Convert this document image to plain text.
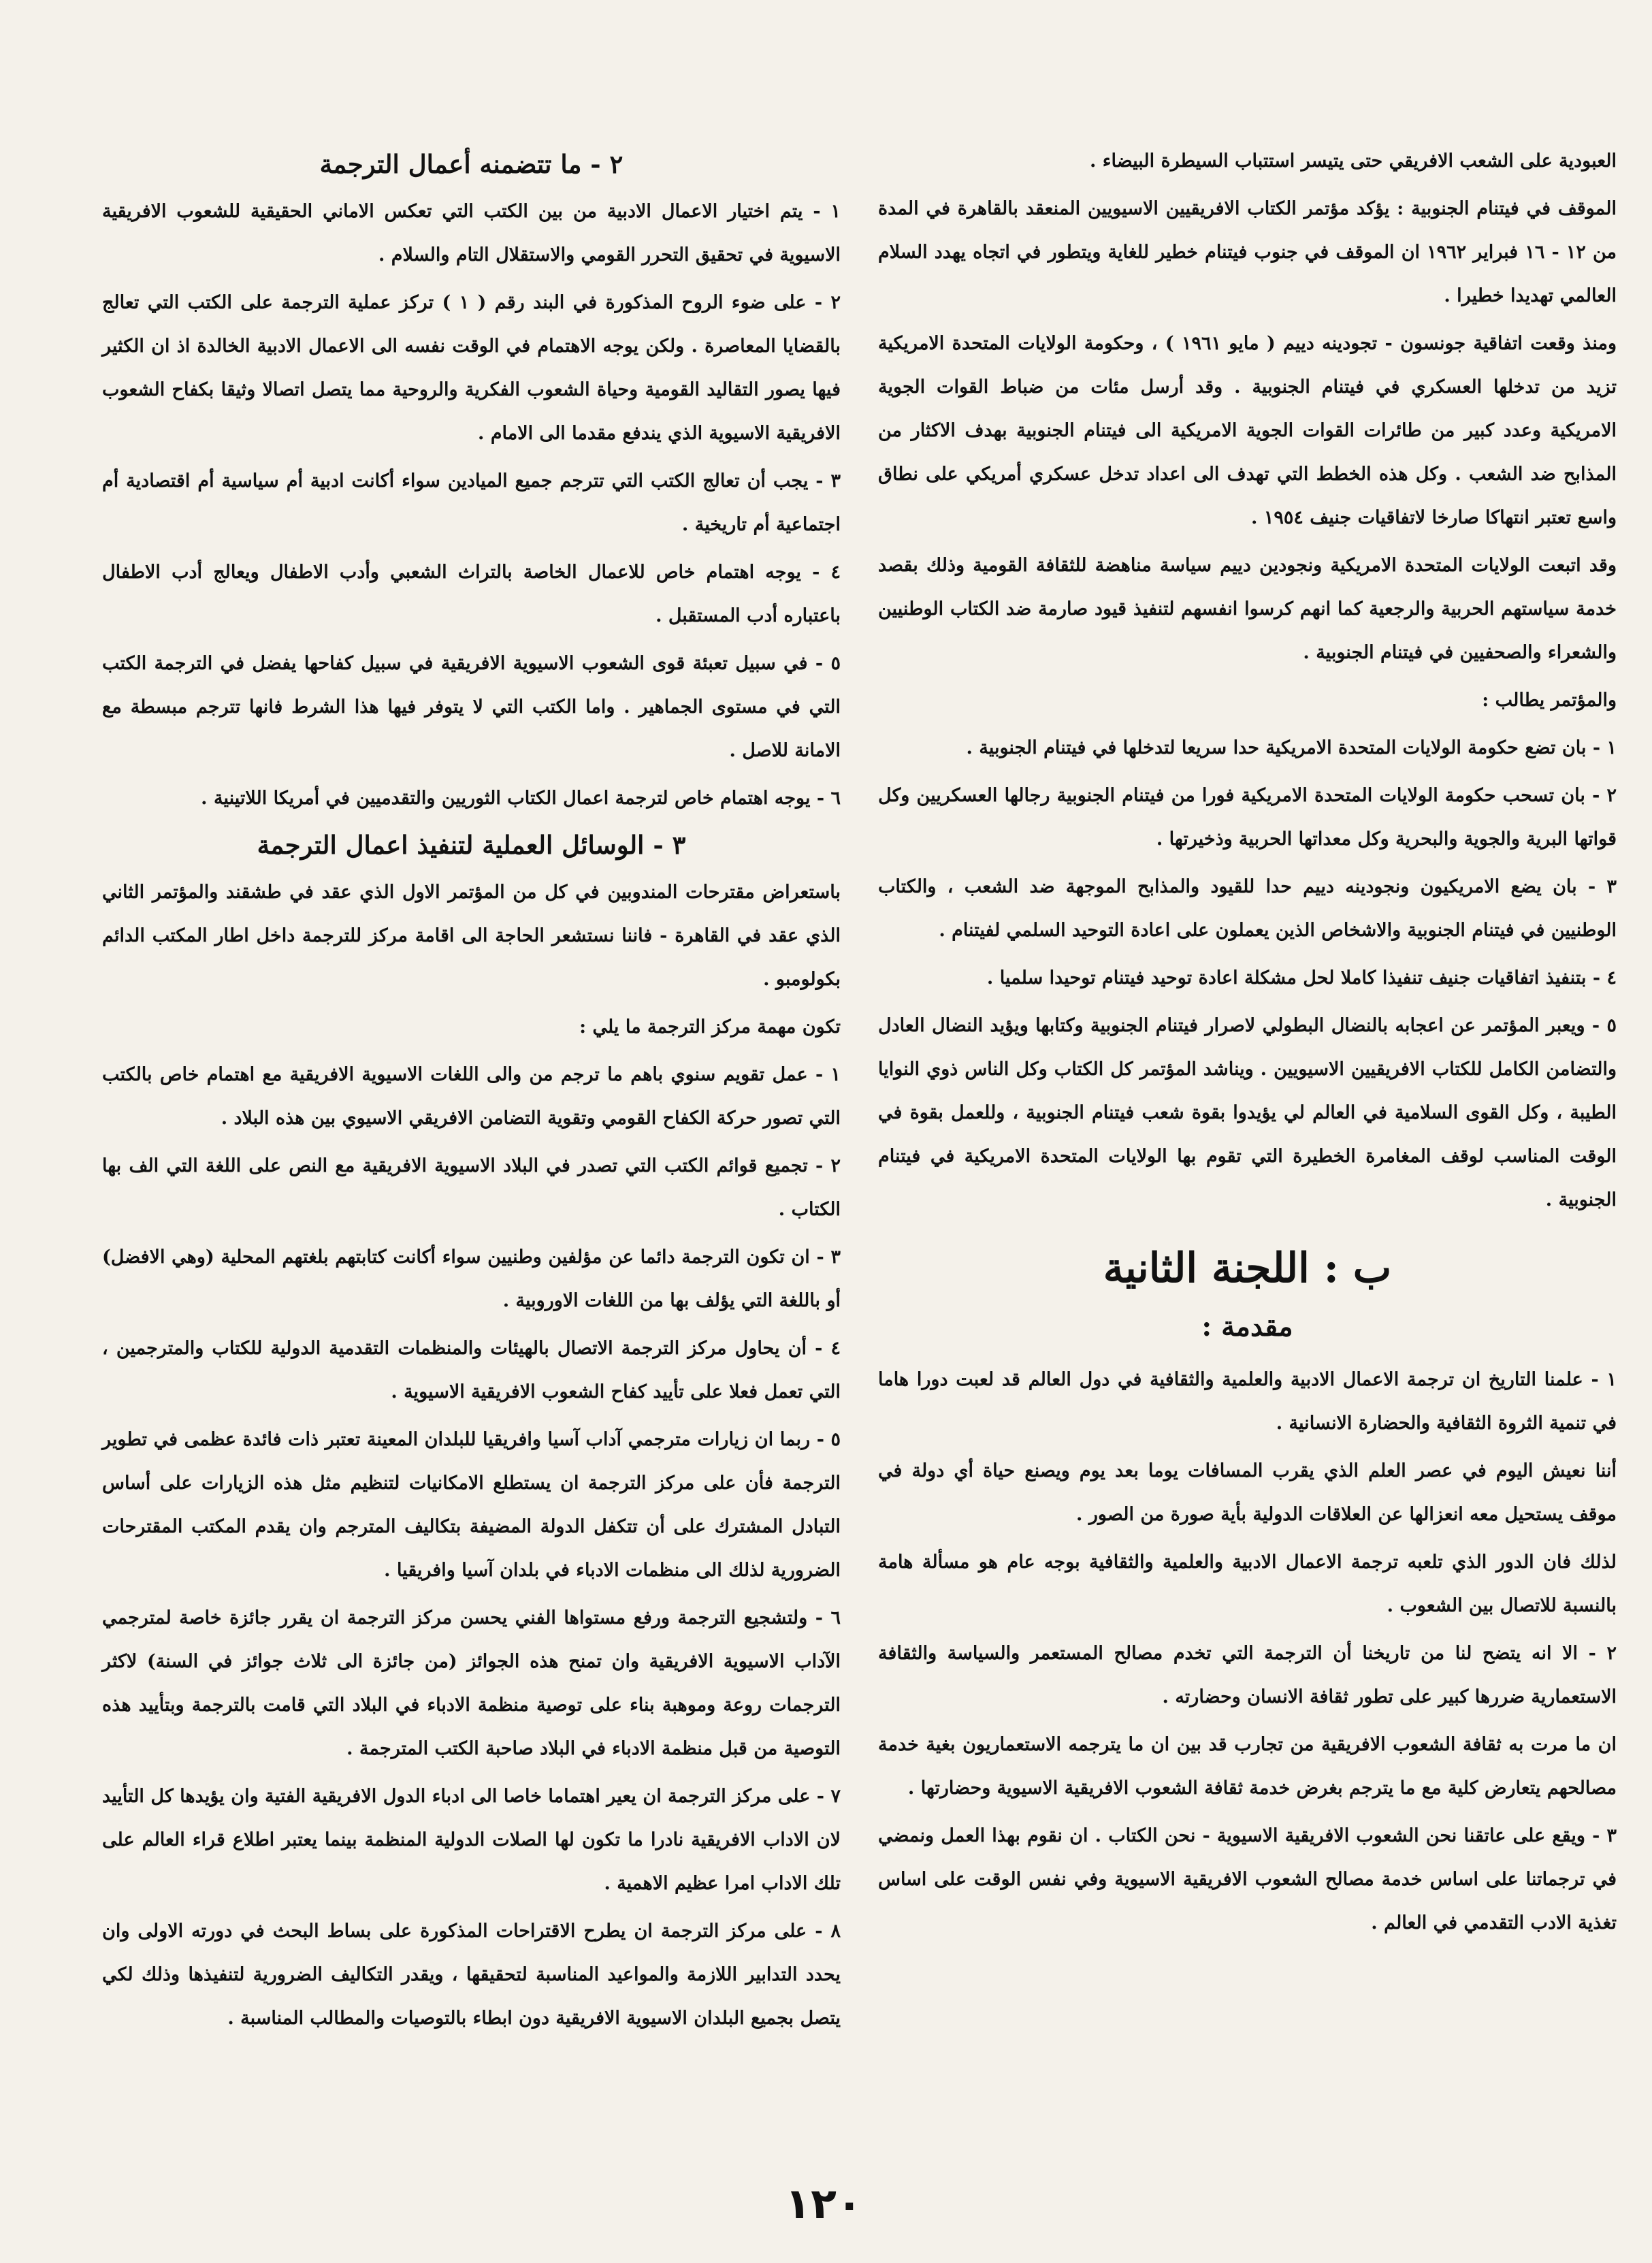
العبودية على الشعب الافريقي حتى يتيسر استتباب السيطرة البيضاء .

الموقف في فيتنام الجنوبية : يؤكد مؤتمر الكتاب الافريقيين الاسيويين المنعقد بالقاهرة في المدة من ١٢ - ١٦ فبراير ١٩٦٢ ان الموقف في جنوب فيتنام خطير للغاية ويتطور في اتجاه يهدد السلام العالمي تهديدا خطيرا .

ومنذ وقعت اتفاقية جونسون - تجودينه دييم ( مايو ١٩٦١ ) ، وحكومة الولايات المتحدة الامريكية تزيد من تدخلها العسكري في فيتنام الجنوبية . وقد أرسل مئات من ضباط القوات الجوية الامريكية وعدد كبير من طائرات القوات الجوية الامريكية الى فيتنام الجنوبية بهدف الاكثار من المذابح ضد الشعب . وكل هذه الخطط التي تهدف الى اعداد تدخل عسكري أمريكي على نطاق واسع تعتبر انتهاكا صارخا لاتفاقيات جنيف ١٩٥٤ .

وقد اتبعت الولايات المتحدة الامريكية ونجودين دييم سياسة مناهضة للثقافة القومية وذلك بقصد خدمة سياستهم الحربية والرجعية كما انهم كرسوا انفسهم لتنفيذ قيود صارمة ضد الكتاب الوطنيين والشعراء والصحفيين في فيتنام الجنوبية .

والمؤتمر يطالب :

١ - بان تضع حكومة الولايات المتحدة الامريكية حدا سريعا لتدخلها في فيتنام الجنوبية .

٢ - بان تسحب حكومة الولايات المتحدة الامريكية فورا من فيتنام الجنوبية رجالها العسكريين وكل قواتها البرية والجوية والبحرية وكل معداتها الحربية وذخيرتها .

٣ - بان يضع الامريكيون ونجودينه دييم حدا للقيود والمذابح الموجهة ضد الشعب ، والكتاب الوطنيين في فيتنام الجنوبية والاشخاص الذين يعملون على اعادة التوحيد السلمي لفيتنام .

٤ - بتنفيذ اتفاقيات جنيف تنفيذا كاملا لحل مشكلة اعادة توحيد فيتنام توحيدا سلميا .

٥ - ويعبر المؤتمر عن اعجابه بالنضال البطولي لاصرار فيتنام الجنوبية وكتابها ويؤيد النضال العادل والتضامن الكامل للكتاب الافريقيين الاسيويين . ويناشد المؤتمر كل الكتاب وكل الناس ذوي النوايا الطيبة ، وكل القوى السلامية في العالم لي يؤيدوا بقوة شعب فيتنام الجنوبية ، وللعمل بقوة في الوقت المناسب لوقف المغامرة الخطيرة التي تقوم بها الولايات المتحدة الامريكية في فيتنام الجنوبية .

ب : اللجنة الثانية
مقدمة :

١ - علمنا التاريخ ان ترجمة الاعمال الادبية والعلمية والثقافية في دول العالم قد لعبت دورا هاما في تنمية الثروة الثقافية والحضارة الانسانية .

أننا نعيش اليوم في عصر العلم الذي يقرب المسافات يوما بعد يوم ويصنع حياة أي دولة في موقف يستحيل معه انعزالها عن العلاقات الدولية بأية صورة من الصور .

لذلك فان الدور الذي تلعبه ترجمة الاعمال الادبية والعلمية والثقافية بوجه عام هو مسألة هامة بالنسبة للاتصال بين الشعوب .

٢ - الا انه يتضح لنا من تاريخنا أن الترجمة التي تخدم مصالح المستعمر والسياسة والثقافة الاستعمارية ضررها كبير على تطور ثقافة الانسان وحضارته .

ان ما مرت به ثقافة الشعوب الافريقية من تجارب قد بين ان ما يترجمه الاستعماريون بغية خدمة مصالحهم يتعارض كلية مع ما يترجم بغرض خدمة ثقافة الشعوب الافريقية الاسيوية وحضارتها .

٣ - ويقع على عاتقنا نحن الشعوب الافريقية الاسيوية - نحن الكتاب . ان نقوم بهذا العمل ونمضي في ترجماتنا على اساس خدمة مصالح الشعوب الافريقية الاسيوية وفي نفس الوقت على اساس تغذية الادب التقدمي في العالم .

٢ - ما تتضمنه أعمال الترجمة

١ - يتم اختيار الاعمال الادبية من بين الكتب التي تعكس الاماني الحقيقية للشعوب الافريقية الاسيوية في تحقيق التحرر القومي والاستقلال التام والسلام .

٢ - على ضوء الروح المذكورة في البند رقم ( ١ ) تركز عملية الترجمة على الكتب التي تعالج بالقضايا المعاصرة . ولكن يوجه الاهتمام في الوقت نفسه الى الاعمال الادبية الخالدة اذ ان الكثير فيها يصور التقاليد القومية وحياة الشعوب الفكرية والروحية مما يتصل اتصالا وثيقا بكفاح الشعوب الافريقية الاسيوية الذي يندفع مقدما الى الامام .

٣ - يجب أن تعالج الكتب التي تترجم جميع الميادين سواء أكانت ادبية أم سياسية أم اقتصادية أم اجتماعية أم تاريخية .

٤ - يوجه اهتمام خاص للاعمال الخاصة بالتراث الشعبي وأدب الاطفال ويعالج أدب الاطفال باعتباره أدب المستقبل .

٥ - في سبيل تعبئة قوى الشعوب الاسيوية الافريقية في سبيل كفاحها يفضل في الترجمة الكتب التي في مستوى الجماهير . واما الكتب التي لا يتوفر فيها هذا الشرط فانها تترجم مبسطة مع الامانة للاصل .

٦ - يوجه اهتمام خاص لترجمة اعمال الكتاب الثوريين والتقدميين في أمريكا اللاتينية .

٣ - الوسائل العملية لتنفيذ اعمال الترجمة

باستعراض مقترحات المندوبين في كل من المؤتمر الاول الذي عقد في طشقند والمؤتمر الثاني الذي عقد في القاهرة - فاننا نستشعر الحاجة الى اقامة مركز للترجمة داخل اطار المكتب الدائم بكولومبو .

تكون مهمة مركز الترجمة ما يلي :

١ - عمل تقويم سنوي باهم ما ترجم من والى اللغات الاسيوية الافريقية مع اهتمام خاص بالكتب التي تصور حركة الكفاح القومي وتقوية التضامن الافريقي الاسيوي بين هذه البلاد .

٢ - تجميع قوائم الكتب التي تصدر في البلاد الاسيوية الافريقية مع النص على اللغة التي الف بها الكتاب .

٣ - ان تكون الترجمة دائما عن مؤلفين وطنيين سواء أكانت كتابتهم بلغتهم المحلية (وهي الافضل) أو باللغة التي يؤلف بها من اللغات الاوروبية .

٤ - أن يحاول مركز الترجمة الاتصال بالهيئات والمنظمات التقدمية الدولية للكتاب والمترجمين ، التي تعمل فعلا على تأييد كفاح الشعوب الافريقية الاسيوية .

٥ - ربما ان زيارات مترجمي آداب آسيا وافريقيا للبلدان المعينة تعتبر ذات فائدة عظمى في تطوير الترجمة فأن على مركز الترجمة ان يستطلع الامكانيات لتنظيم مثل هذه الزيارات على أساس التبادل المشترك على أن تتكفل الدولة المضيفة بتكاليف المترجم وان يقدم المكتب المقترحات الضرورية لذلك الى منظمات الادباء في بلدان آسيا وافريقيا .

٦ - ولتشجيع الترجمة ورفع مستواها الفني يحسن مركز الترجمة ان يقرر جائزة خاصة لمترجمي الآداب الاسيوية الافريقية وان تمنح هذه الجوائز (من جائزة الى ثلاث جوائز في السنة) لاكثر الترجمات روعة وموهبة بناء على توصية منظمة الادباء في البلاد التي قامت بالترجمة وبتأييد هذه التوصية من قبل منظمة الادباء في البلاد صاحبة الكتب المترجمة .

٧ - على مركز الترجمة ان يعير اهتماما خاصا الى ادباء الدول الافريقية الفتية وان يؤيدها كل التأييد لان الاداب الافريقية نادرا ما تكون لها الصلات الدولية المنظمة بينما يعتبر اطلاع قراء العالم على تلك الاداب امرا عظيم الاهمية .

٨ - على مركز الترجمة ان يطرح الاقتراحات المذكورة على بساط البحث في دورته الاولى وان يحدد التدابير اللازمة والمواعيد المناسبة لتحقيقها ، ويقدر التكاليف الضرورية لتنفيذها وذلك لكي يتصل بجميع البلدان الاسيوية الافريقية دون ابطاء بالتوصيات والمطالب المناسبة .

١٢٠
